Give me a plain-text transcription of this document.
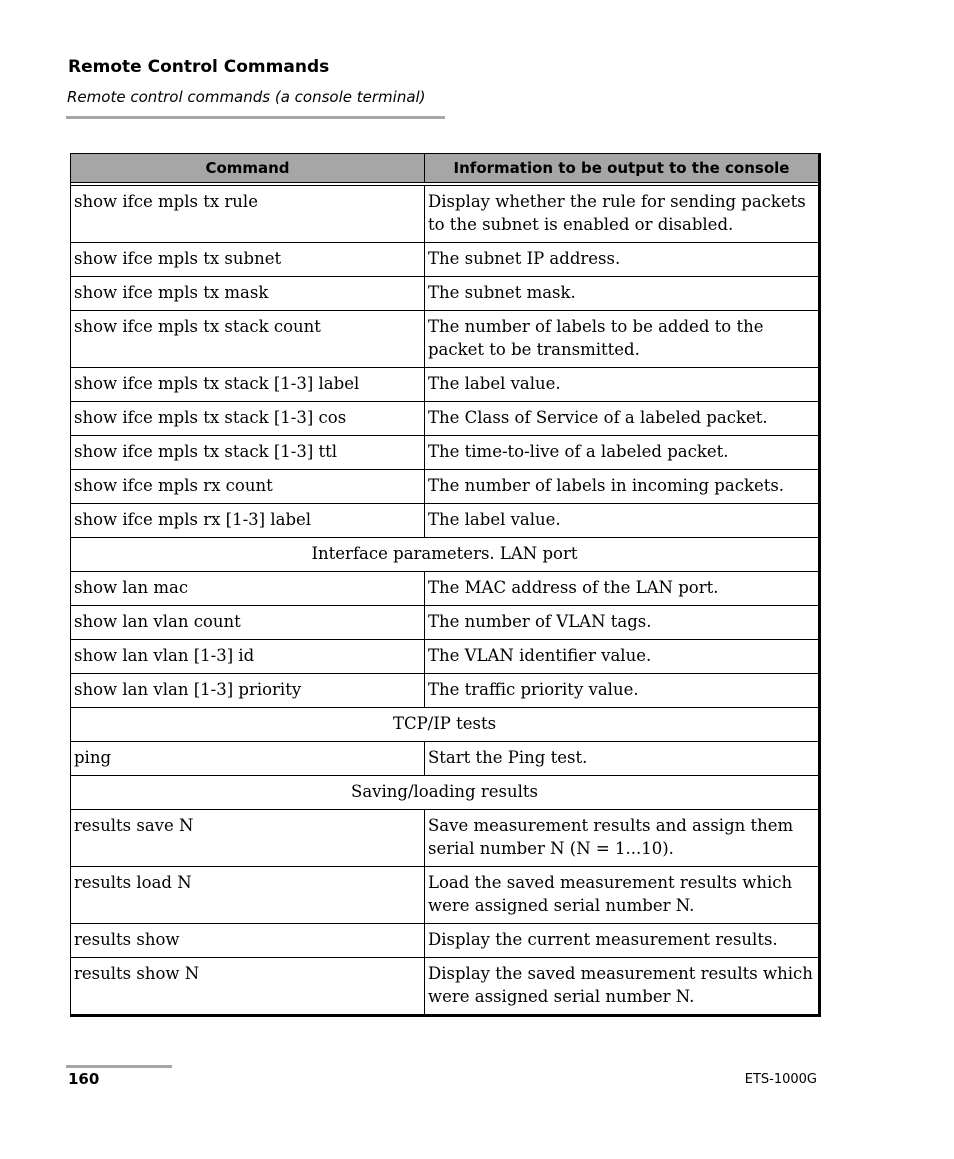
Remote Control Commands
Remote control commands (a console terminal)
Command	Information to be output to the console

show ifce mpls tx rule	Display whether the rule for sending packets to the subnet is enabled or disabled.
show ifce mpls tx subnet	The subnet IP address.
show ifce mpls tx mask	The subnet mask.
show ifce mpls tx stack count	The number of labels to be added to the packet to be transmitted.
show ifce mpls tx stack [1-3] label	The label value.
show ifce mpls tx stack [1-3] cos	The Class of Service of a labeled packet.
show ifce mpls tx stack [1-3] ttl	The time-to-live of a labeled packet.
show ifce mpls rx count	The number of labels in incoming packets.
show ifce mpls rx [1-3] label	The label value.
Interface parameters. LAN port	
show lan mac	The MAC address of the LAN port.
show lan vlan count	The number of VLAN tags.
show lan vlan [1-3] id	The VLAN identifier value.
show lan vlan [1-3] priority	The traffic priority value.
TCP/IP tests	
ping	Start the Ping test.
Saving/loading results	
results save N	Save measurement results and assign them serial number N (N = 1...10).
results load N	Load the saved measurement results which were assigned serial number N.
results show	Display the current measurement results.
results show N	Display the saved measurement results which were assigned serial number N.
160	ETS-1000G
